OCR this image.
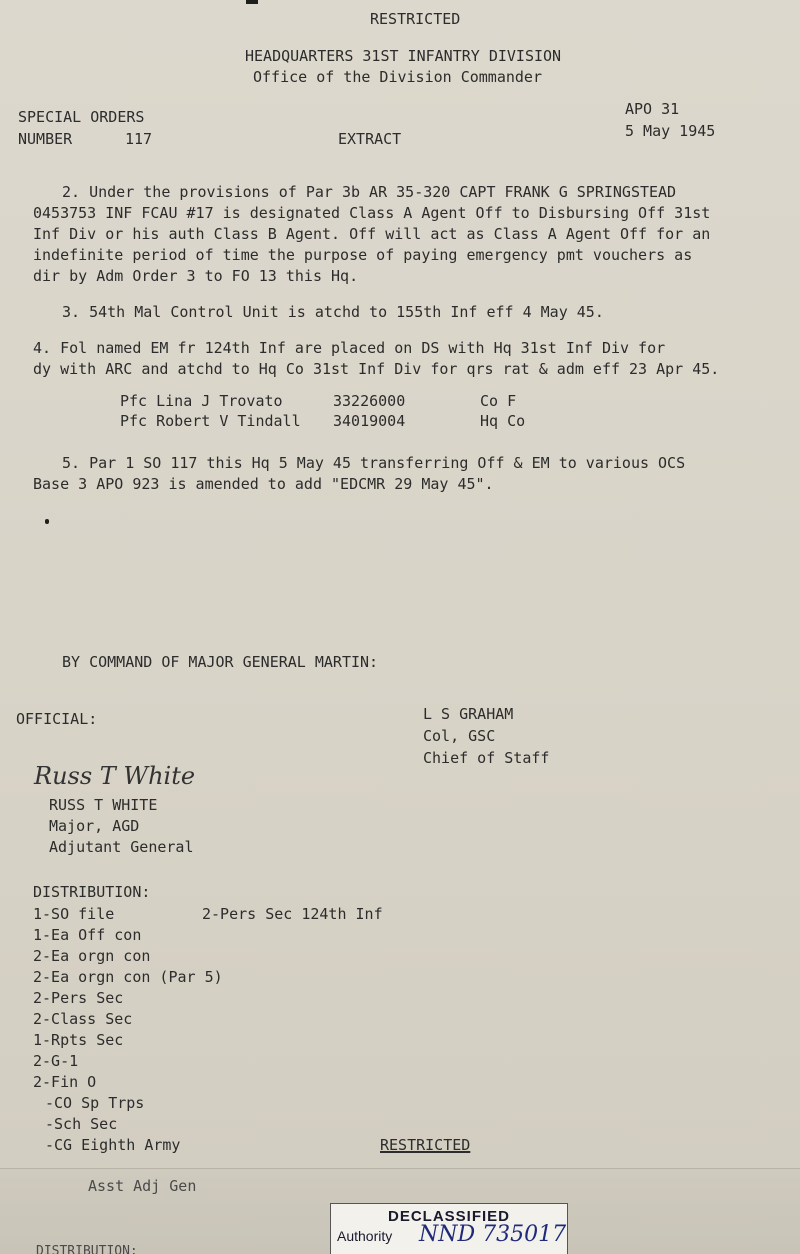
RESTRICTED
HEADQUARTERS 31ST INFANTRY DIVISION
Office of the Division Commander
SPECIAL ORDERS
NUMBER	117	EXTRACT
APO 31
5 May 1945
2. Under the provisions of Par 3b AR 35-320 CAPT FRANK G SPRINGSTEAD
0453753 INF FCAU #17 is designated Class A Agent Off to Disbursing Off 31st
Inf Div or his auth Class B Agent. Off will act as Class A Agent Off for an
indefinite period of time the purpose of paying emergency pmt vouchers as
dir by Adm Order 3 to FO 13 this Hq.
3. 54th Mal Control Unit is atchd to 155th Inf eff 4 May 45.
4. Fol named EM fr 124th Inf are placed on DS with Hq 31st Inf Div for
dy with ARC and atchd to Hq Co 31st Inf Div for qrs rat & adm eff 23 Apr 45.
Pfc Lina J Trovato	33226000	Co F
Pfc Robert V Tindall 34019004	Hq Co
5. Par 1 SO 117 this Hq 5 May 45 transferring Off & EM to various OCS
Base 3 APO 923 is amended to add "EDCMR 29 May 45".
BY COMMAND OF MAJOR GENERAL MARTIN:
OFFICIAL:	L S GRAHAM
Col, GSC
Chief of Staff
Russ T White
RUSS T WHITE
Major, AGD
Adjutant General
DISTRIBUTION:
2-Pers Sec 124th Inf
1-SO file
1-Ea Off con
2-Ea orgn con
2-Ea orgn con (Par 5)
2-Pers Sec
2-Class Sec
1-Rpts Sec
2-G-1
2-Fin O
-CO Sp Trps
-Sch Sec
-CG Eighth Army	RESTRICTED
Asst Adj Gen
DISTRIBUTION:
DECLASSIFIED
Authority NND 735017
